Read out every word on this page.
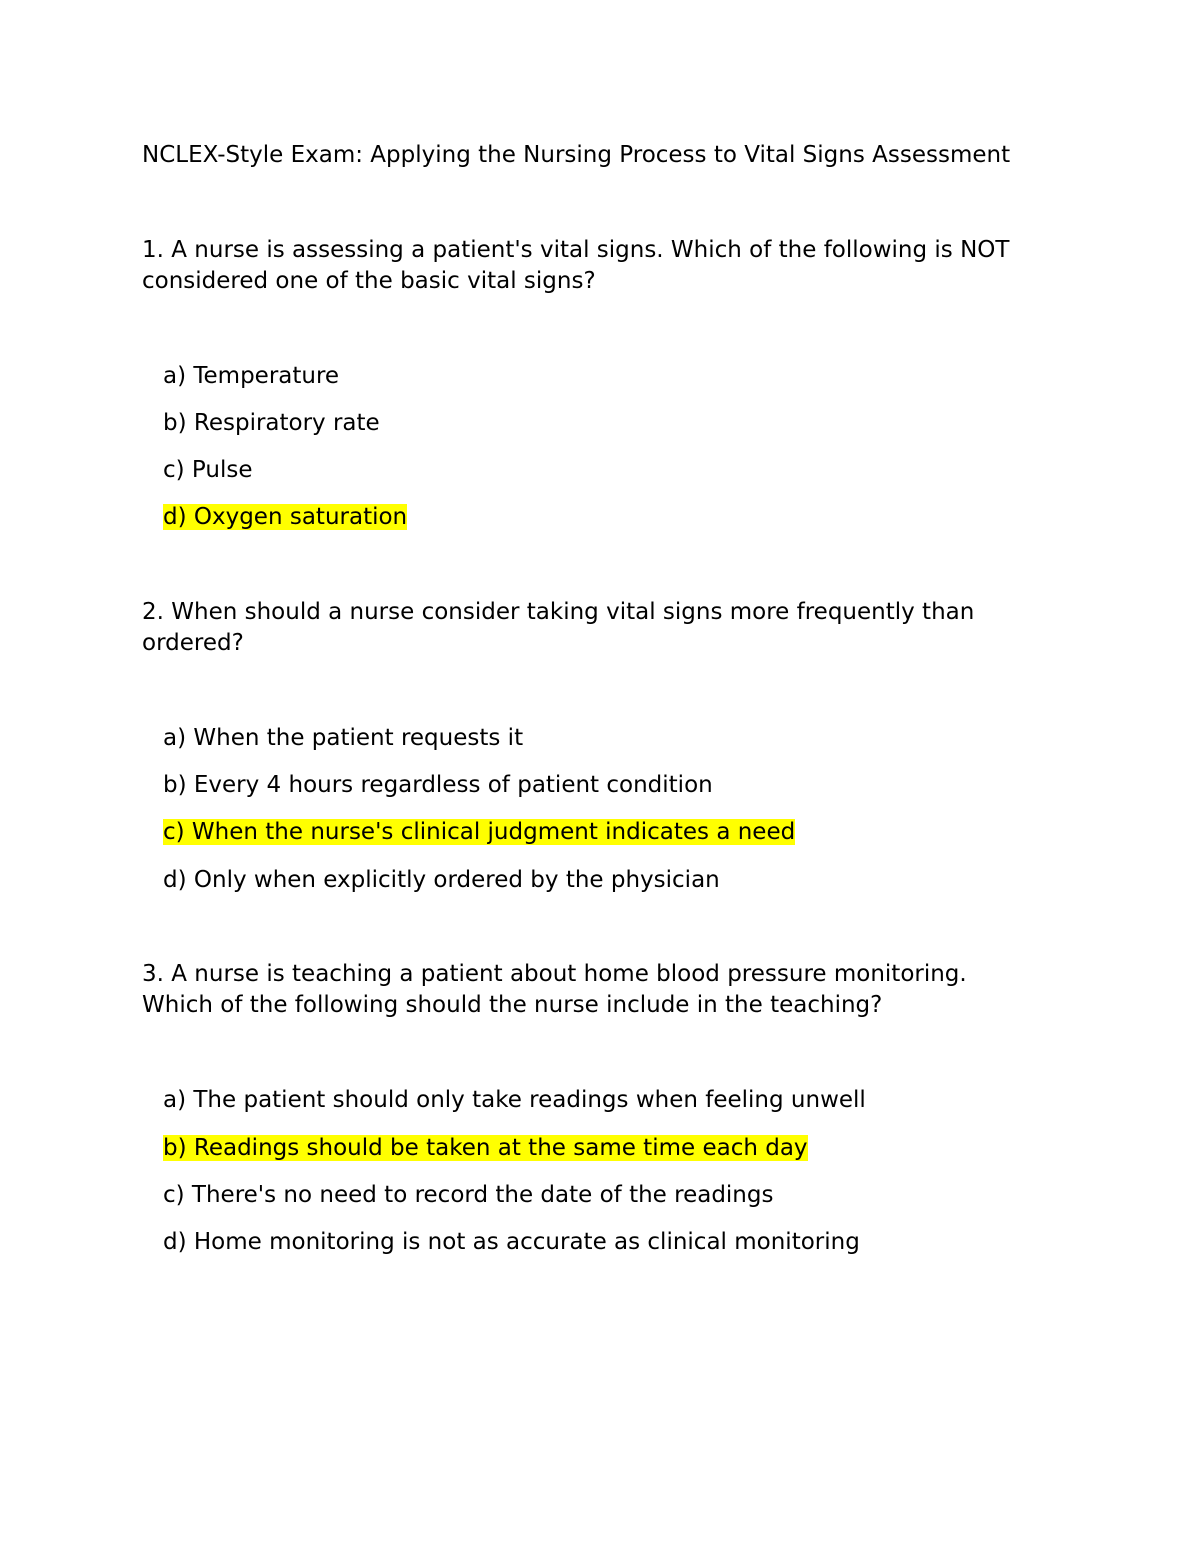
NCLEX-Style Exam: Applying the Nursing Process to Vital Signs Assessment
1. A nurse is assessing a patient's vital signs. Which of the following is NOT
considered one of the basic vital signs?
a) Temperature
b) Respiratory rate
c) Pulse
d) Oxygen saturation
2. When should a nurse consider taking vital signs more frequently than
ordered?
a) When the patient requests it
b) Every 4 hours regardless of patient condition
c) When the nurse's clinical judgment indicates a need
d) Only when explicitly ordered by the physician
3. A nurse is teaching a patient about home blood pressure monitoring.
Which of the following should the nurse include in the teaching?
a) The patient should only take readings when feeling unwell
b) Readings should be taken at the same time each day
c) There's no need to record the date of the readings
d) Home monitoring is not as accurate as clinical monitoring
